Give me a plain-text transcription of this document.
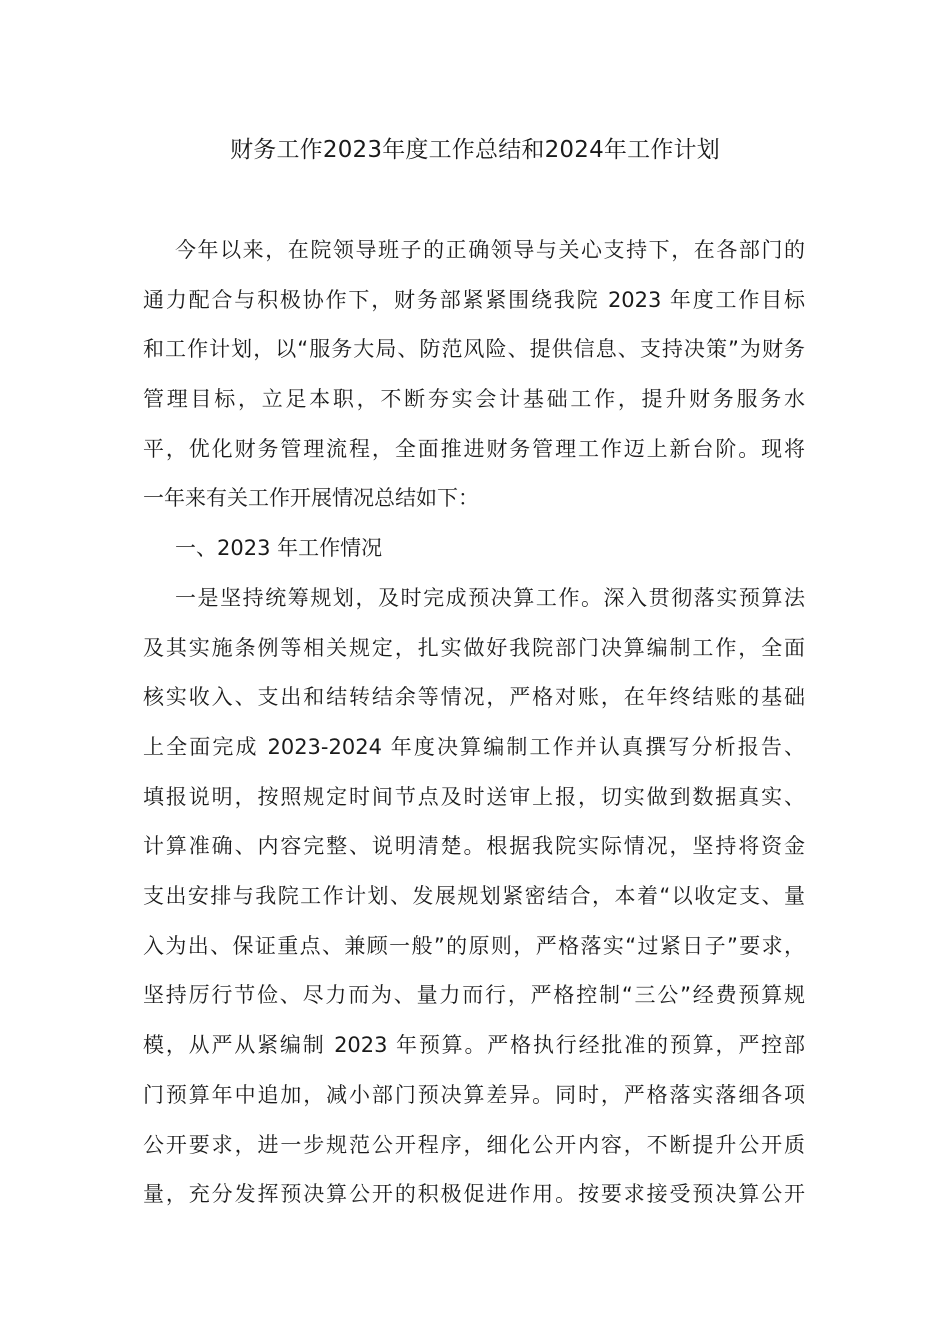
财务工作2023年度工作总结和2024年工作计划
今年以来，在院领导班子的正确领导与关心支持下，在各部门的
通力配合与积极协作下，财务部紧紧围绕我院 2023 年度工作目标
和工作计划，以“服务大局、防范风险、提供信息、支持决策”为财务
管理目标，立足本职，不断夯实会计基础工作，提升财务服务水
平，优化财务管理流程，全面推进财务管理工作迈上新台阶。现将
一年来有关工作开展情况总结如下：
一、2023 年工作情况
一是坚持统筹规划，及时完成预决算工作。深入贯彻落实预算法
及其实施条例等相关规定，扎实做好我院部门决算编制工作，全面
核实收入、支出和结转结余等情况，严格对账，在年终结账的基础
上全面完成 2023-2024 年度决算编制工作并认真撰写分析报告、
填报说明，按照规定时间节点及时送审上报，切实做到数据真实、
计算准确、内容完整、说明清楚。根据我院实际情况，坚持将资金
支出安排与我院工作计划、发展规划紧密结合，本着“以收定支、量
入为出、保证重点、兼顾一般”的原则，严格落实“过紧日子”要求，
坚持厉行节俭、尽力而为、量力而行，严格控制“三公”经费预算规
模，从严从紧编制 2023 年预算。严格执行经批准的预算，严控部
门预算年中追加，减小部门预决算差异。同时，严格落实落细各项
公开要求，进一步规范公开程序，细化公开内容，不断提升公开质
量，充分发挥预决算公开的积极促进作用。按要求接受预决算公开
